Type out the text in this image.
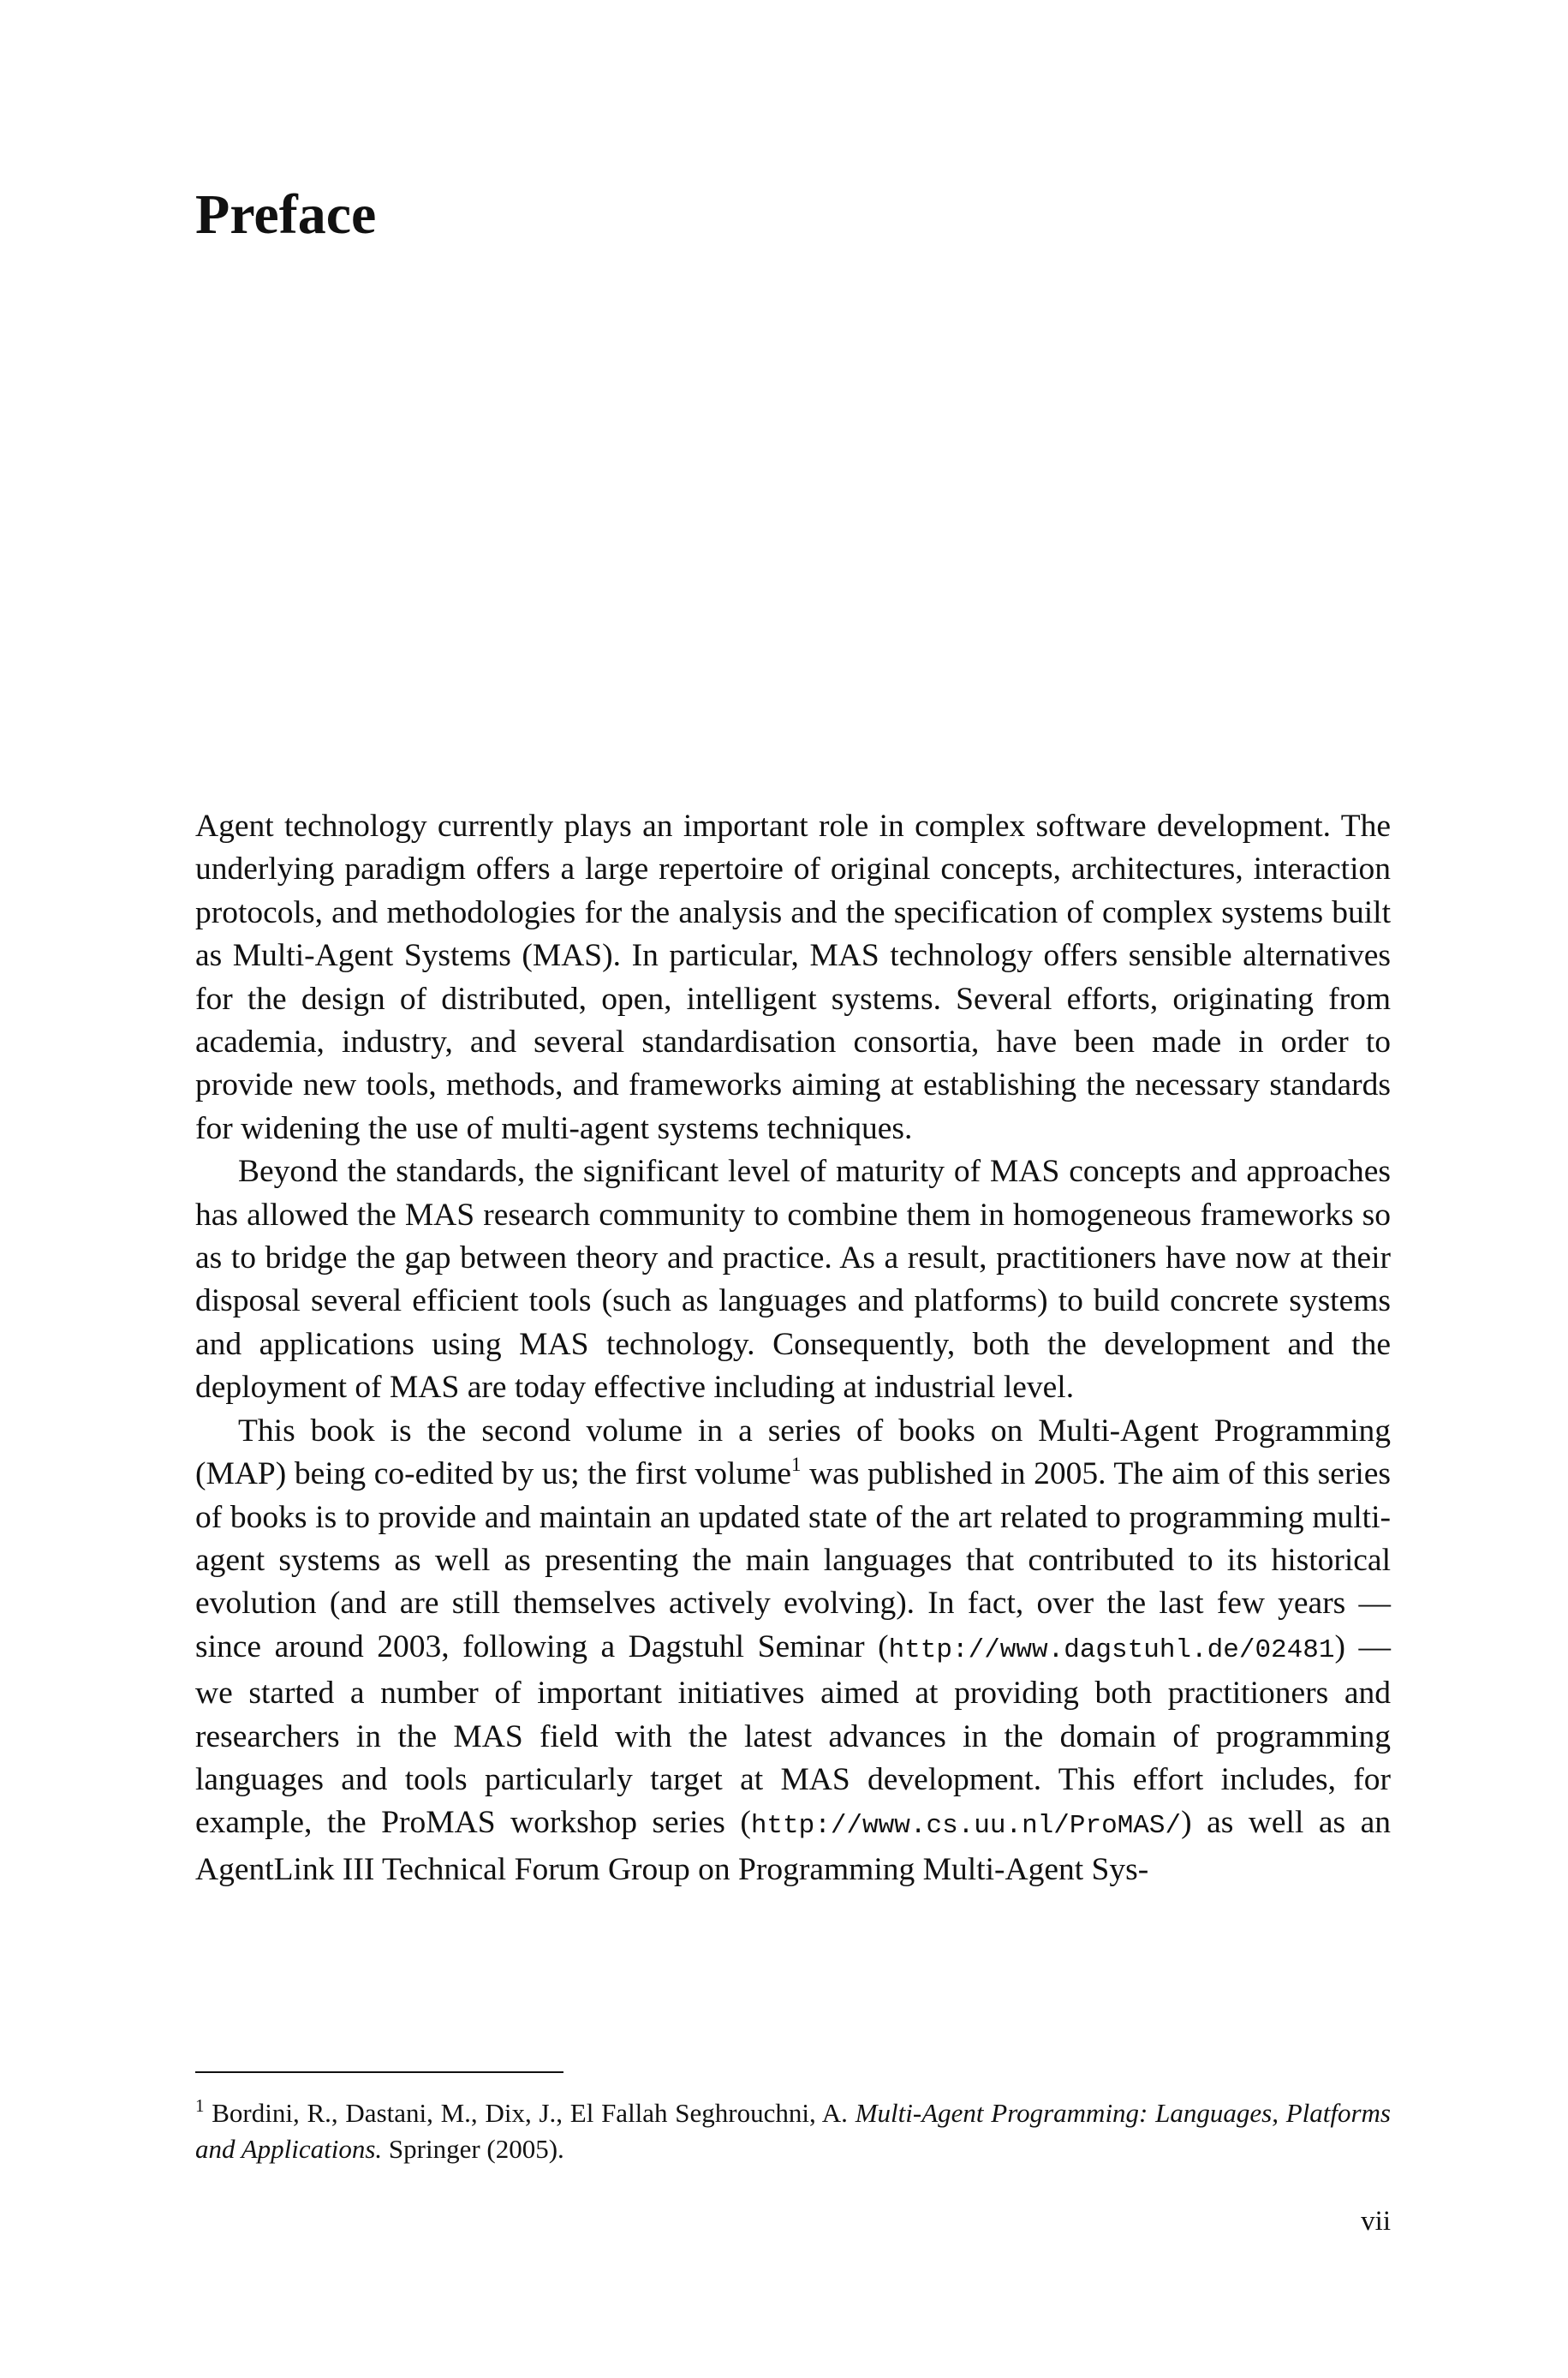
Preface

Agent technology currently plays an important role in complex software development. The underlying paradigm offers a large repertoire of original concepts, architectures, interaction protocols, and methodologies for the analysis and the specification of complex systems built as Multi-Agent Systems (MAS). In particular, MAS technology offers sensible alternatives for the design of distributed, open, intelligent systems. Several efforts, originating from academia, industry, and several standardisation consortia, have been made in order to provide new tools, methods, and frameworks aiming at establishing the necessary standards for widening the use of multi-agent systems techniques.

Beyond the standards, the significant level of maturity of MAS concepts and approaches has allowed the MAS research community to combine them in homogeneous frameworks so as to bridge the gap between theory and practice. As a result, practitioners have now at their disposal several efficient tools (such as languages and platforms) to build concrete systems and applications using MAS technology. Consequently, both the development and the deployment of MAS are today effective including at industrial level.

This book is the second volume in a series of books on Multi-Agent Programming (MAP) being co-edited by us; the first volume$^1$ was published in 2005. The aim of this series of books is to provide and maintain an updated state of the art related to programming multi-agent systems as well as presenting the main languages that contributed to its historical evolution (and are still themselves actively evolving). In fact, over the last few years — since around 2003, following a Dagstuhl Seminar (http://www.dagstuhl.de/02481) — we started a number of important initiatives aimed at providing both practitioners and researchers in the MAS field with the latest advances in the domain of programming languages and tools particularly target at MAS development. This effort includes, for example, the ProMAS workshop series (http://www.cs.uu.nl/ProMAS/) as well as an AgentLink III Technical Forum Group on Programming Multi-Agent Sys-

$^1$ Bordini, R., Dastani, M., Dix, J., El Fallah Seghrouchni, A. Multi-Agent Programming: Languages, Platforms and Applications. Springer (2005).
vii
